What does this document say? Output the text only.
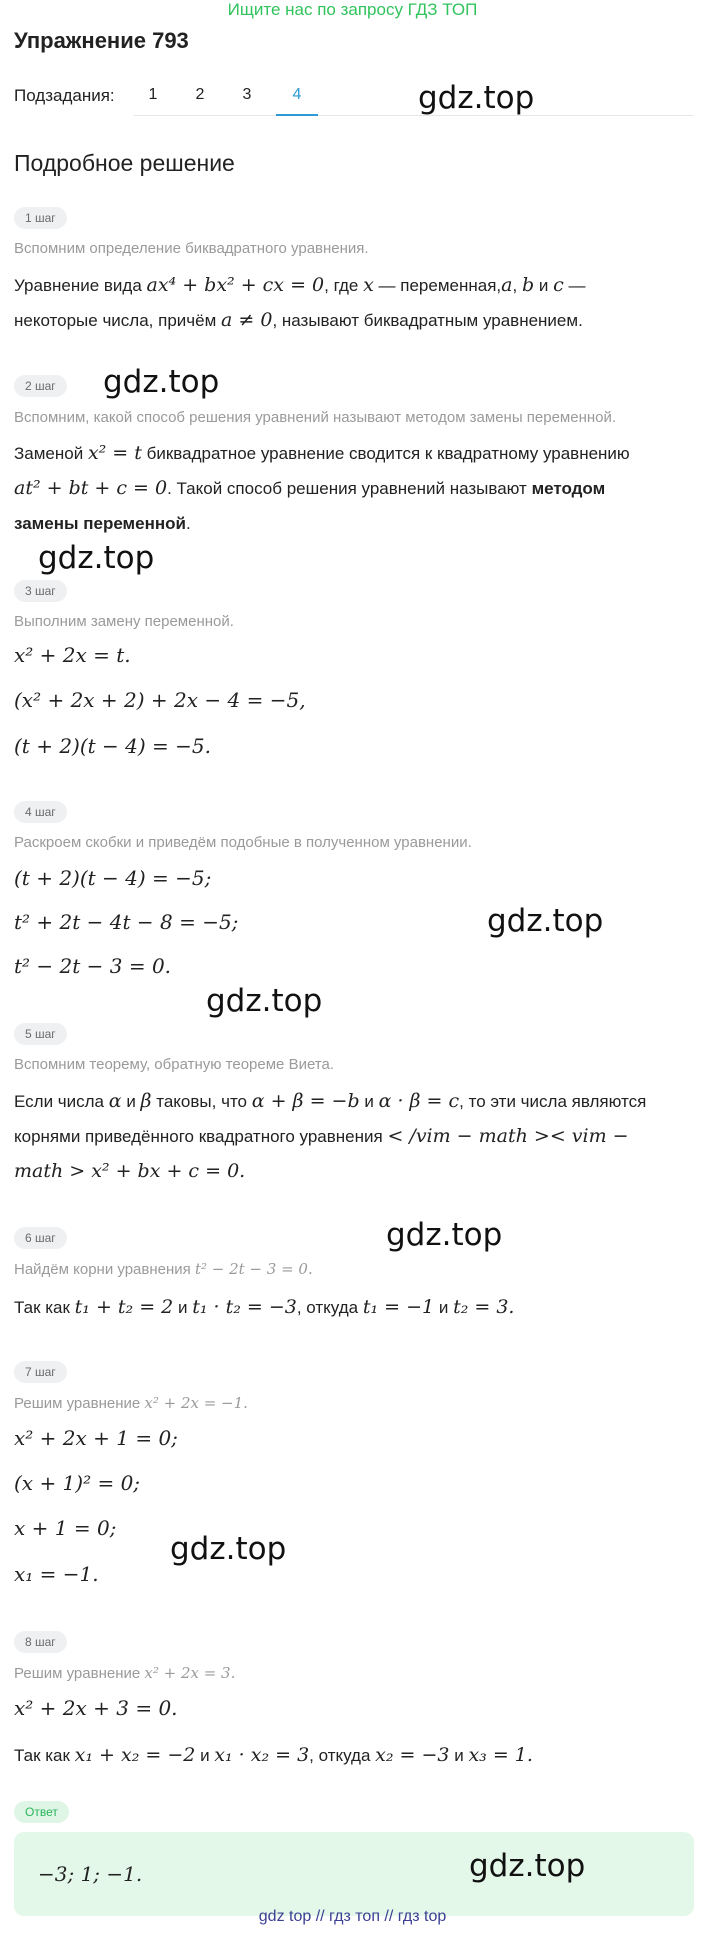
Ищите нас по запросу ГДЗ ТОП
Упражнение 793
Подзадания:	1	2	3	4	gdz.top
Подробное решение
1 шаг
Вспомним определение биквадратного уравнения.
Уравнение вида ax⁴ + bx² + cx = 0, где x — переменная,a, b и c —
некоторые числа, причём a ≠ 0, называют биквадратным уравнением.
2 шаг	gdz.top
Вспомним, какой способ решения уравнений называют методом замены переменной.
Заменой x² = t биквадратное уравнение сводится к квадратному уравнению
at² + bt + c = 0. Такой способ решения уравнений называют методом
замены переменной.
gdz.top
3 шаг
Выполним замену переменной.
x² + 2x = t.
(x² + 2x + 2) + 2x − 4 = −5,
(t + 2)(t − 4) = −5.
4 шаг
Раскроем скобки и приведём подобные в полученном уравнении.
(t + 2)(t − 4) = −5;
t² + 2t − 4t − 8 = −5;	gdz.top
t² − 2t − 3 = 0.
gdz.top
5 шаг
Вспомним теорему, обратную теореме Виета.
Если числа α и β таковы, что α + β = −b и α · β = c, то эти числа являются
корнями приведённого квадратного уравнения < /vim − math >< vim −
math > x² + bx + c = 0.
6 шаг	gdz.top
Найдём корни уравнения t² − 2t − 3 = 0.
Так как t₁ + t₂ = 2 и t₁ · t₂ = −3, откуда t₁ = −1 и t₂ = 3.
7 шаг
Решим уравнение x² + 2x = −1.
x² + 2x + 1 = 0;
(x + 1)² = 0;
x + 1 = 0;
gdz.top
x₁ = −1.
8 шаг
Решим уравнение x² + 2x = 3.
x² + 2x + 3 = 0.
Так как x₁ + x₂ = −2 и x₁ · x₂ = 3, откуда x₂ = −3 и x₃ = 1.
Ответ
−3; 1; −1.	gdz.top
gdz top // гдз топ // гдз top
